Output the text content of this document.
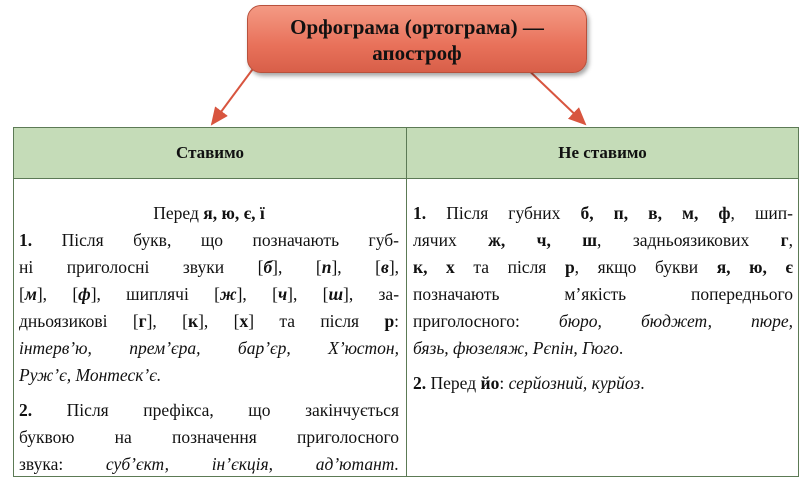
Орфограма (ортограма) —
апостроф
Ставимо	Не ставимо
Перед я, ю, є, ї
1. Після букв, що позначають губ-
ні приголосні звуки [б], [п], [в],
[м], [ф], шиплячі [ж], [ч], [ш], за-
дньоязикові [г], [к], [х] та після р:
інтерв’ю, прем’єра, бар’єр, Х’юстон,
Руж’є, Монтеск’є.
2. Після префікса, що закінчується
буквою на позначення приголосного
звука: суб’єкт, ін’єкція, ад’ютант.
1. Після губних б, п, в, м, ф, шип-
лячих ж, ч, ш, задньоязикових г,
к, х та після р, якщо букви я, ю, є
позначають м’якість попереднього
приголосного: бюро, бюджет, пюре,
бязь, фюзеляж, Рєпін, Гюго.
2. Перед йо: серйозний, курйоз.
